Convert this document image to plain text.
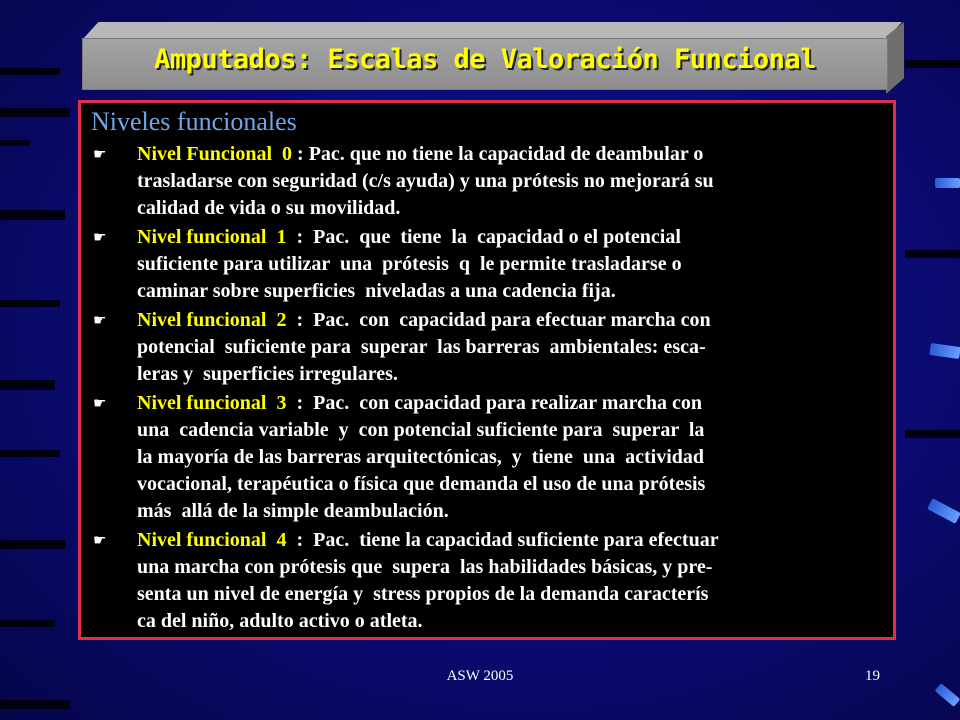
Amputados: Escalas de Valoración Funcional
Niveles funcionales
☛ Nivel Funcional  0 : Pac. que no tiene la capacidad de deambular o
trasladarse con seguridad (c/s ayuda) y una prótesis no mejorará su
calidad de vida o su movilidad.
☛ Nivel funcional  1  :  Pac.  que  tiene  la  capacidad o el potencial
suficiente para utilizar  una  prótesis  q  le permite trasladarse o
caminar sobre superficies  niveladas a una cadencia fija.
☛ Nivel funcional  2  :  Pac.  con  capacidad para efectuar marcha con
potencial  suficiente para  superar  las barreras  ambientales: esca-
leras y  superficies irregulares.
☛ Nivel funcional  3  :  Pac.  con capacidad para realizar marcha con
una  cadencia variable  y  con potencial suficiente para  superar  la
la mayoría de las barreras arquitectónicas,  y  tiene  una  actividad
vocacional, terapéutica o física que demanda el uso de una prótesis
más  allá de la simple deambulación.
☛ Nivel funcional  4  :  Pac.  tiene la capacidad suficiente para efectuar
una marcha con prótesis que  supera  las habilidades básicas, y pre-
senta un nivel de energía y  stress propios de la demanda caracterís
ca del niño, adulto activo o atleta.
ASW 2005	19
